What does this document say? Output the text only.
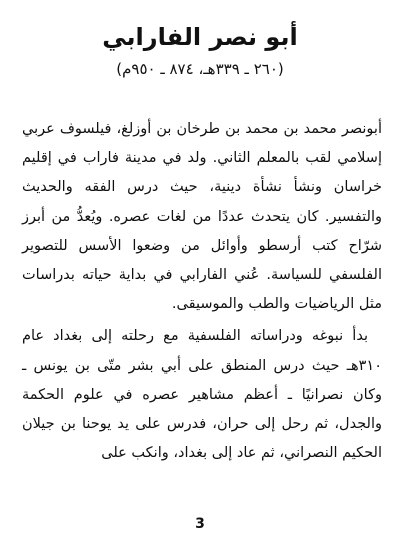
أبو نصر الفارابي
(٢٦٠ ـ ٣٣٩هـ، ٨٧٤ ـ ٩٥٠م)

أبونصر محمد بن محمد بن طرخان بن أوزلغ، فيلسوف عربي إسلامي لقب بالمعلم الثاني. ولد في مدينة فاراب في إقليم خراسان ونشأ نشأة دينية، حيث درس الفقه والحديث والتفسير. كان يتحدث عددًا من لغات عصره. ويُعدُّ من أبرز شرّاح كتب أرسطو وأوائل من وضعوا الأسس للتصوير الفلسفي للسياسة. عُني الفارابي في بداية حياته بدراسات مثل الرياضيات والطب والموسيقى.

بدأ نبوغه ودراساته الفلسفية مع رحلته إلى بغداد عام ٣١٠هـ حيث درس المنطق على أبي بشر متّى بن يونس ـ وكان نصرانيًا ـ أعظم مشاهير عصره في علوم الحكمة والجدل، ثم رحل إلى حران، فدرس على يد يوحنا بن جيلان الحكيم النصراني، ثم عاد إلى بغداد، وانكب على

3
